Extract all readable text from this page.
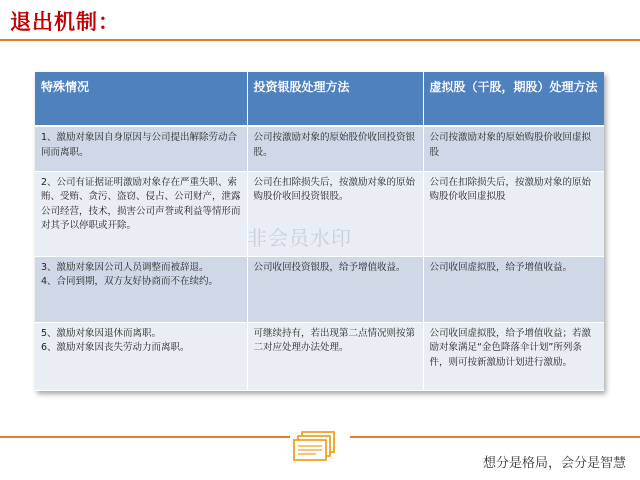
退出机制：
特殊情况	投资银股处理方法	虚拟股（干股，期股）处理方法

1、激励对象因自身原因与公司提出解除劳动合同而离职。	公司按激励对象的原始股价收回投资银股。	公司按激励对象的原始购股价收回虚拟股

2、公司有证据证明激励对象存在严重失职、索贿、受贿、贪污、盗窃、侵占、公司财产，泄露公司经营，技术，损害公司声誉或利益等情形而对其予以停职或开除。	公司在扣除损失后，按激励对象的原始购股价收回投资银股。	公司在扣除损失后，按激励对象的原始购股价收回虚拟股

3、激励对象因公司人员调整而被辞退。
4、合同到期，双方友好协商而不在续约。	公司收回投资银股，给予增值收益。	公司收回虚拟股，给予增值收益。

5、激励对象因退休而离职。
6、激励对象因丧失劳动力而离职。	可继续持有，若出现第二点情况则按第二对应处理办法处理。	公司收回虚拟股，给予增值收益；若激励对象满足“金色降落伞计划”所列条件，则可按新激励计划进行激励。
非会员水印
想分是格局，会分是智慧
